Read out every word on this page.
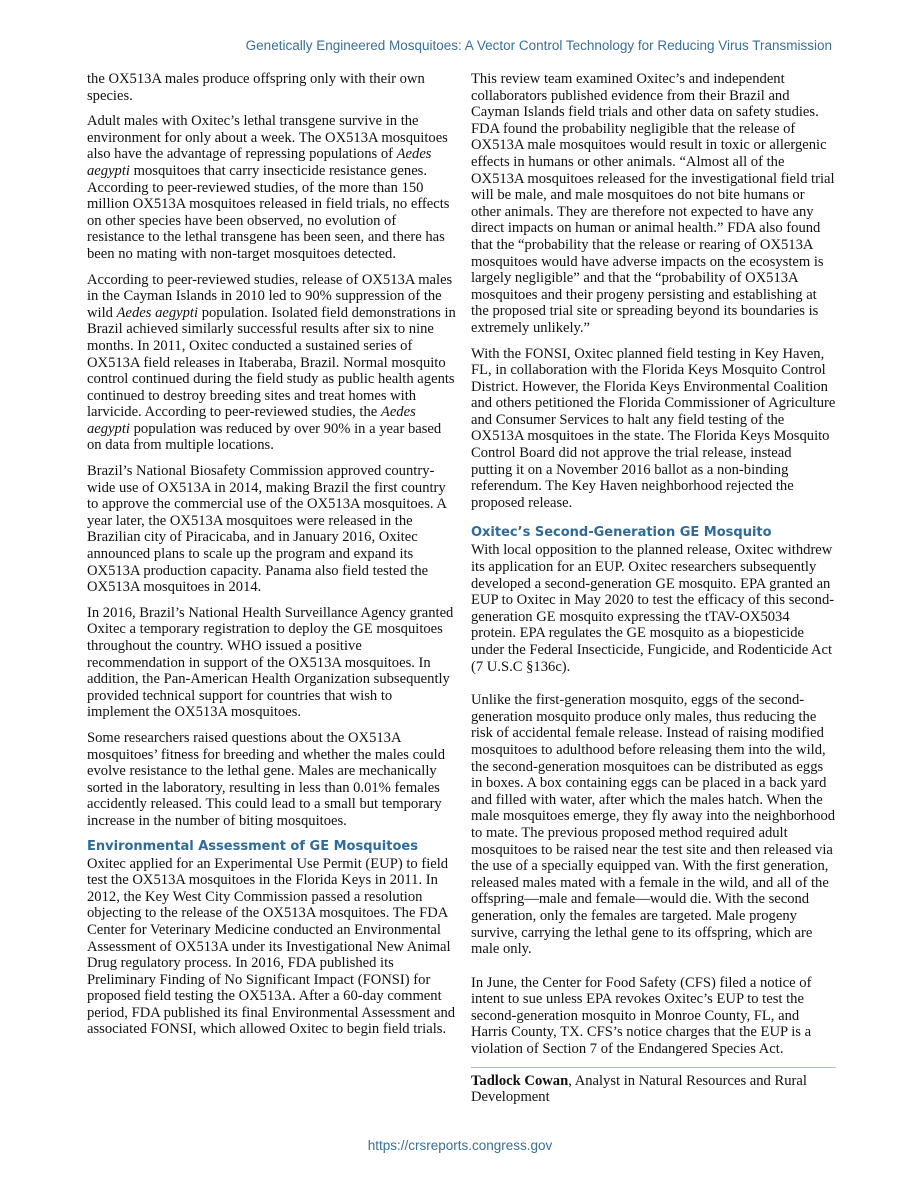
Genetically Engineered Mosquitoes: A Vector Control Technology for Reducing Virus Transmission

the OX513A males produce offspring only with their own species.

Adult males with Oxitec’s lethal transgene survive in the environment for only about a week. The OX513A mosquitoes also have the advantage of repressing populations of Aedes aegypti mosquitoes that carry insecticide resistance genes. According to peer-reviewed studies, of the more than 150 million OX513A mosquitoes released in field trials, no effects on other species have been observed, no evolution of resistance to the lethal transgene has been seen, and there has been no mating with non-target mosquitoes detected.

According to peer-reviewed studies, release of OX513A males in the Cayman Islands in 2010 led to 90% suppression of the wild Aedes aegypti population. Isolated field demonstrations in Brazil achieved similarly successful results after six to nine months. In 2011, Oxitec conducted a sustained series of OX513A field releases in Itaberaba, Brazil. Normal mosquito control continued during the field study as public health agents continued to destroy breeding sites and treat homes with larvicide. According to peer-reviewed studies, the Aedes aegypti population was reduced by over 90% in a year based on data from multiple locations.

Brazil’s National Biosafety Commission approved country-wide use of OX513A in 2014, making Brazil the first country to approve the commercial use of the OX513A mosquitoes. A year later, the OX513A mosquitoes were released in the Brazilian city of Piracicaba, and in January 2016, Oxitec announced plans to scale up the program and expand its OX513A production capacity. Panama also field tested the OX513A mosquitoes in 2014.

In 2016, Brazil’s National Health Surveillance Agency granted Oxitec a temporary registration to deploy the GE mosquitoes throughout the country. WHO issued a positive recommendation in support of the OX513A mosquitoes. In addition, the Pan-American Health Organization subsequently provided technical support for countries that wish to implement the OX513A mosquitoes.

Some researchers raised questions about the OX513A mosquitoes’ fitness for breeding and whether the males could evolve resistance to the lethal gene. Males are mechanically sorted in the laboratory, resulting in less than 0.01% females accidently released. This could lead to a small but temporary increase in the number of biting mosquitoes.

Environmental Assessment of GE Mosquitoes

Oxitec applied for an Experimental Use Permit (EUP) to field test the OX513A mosquitoes in the Florida Keys in 2011. In 2012, the Key West City Commission passed a resolution objecting to the release of the OX513A mosquitoes. The FDA Center for Veterinary Medicine conducted an Environmental Assessment of OX513A under its Investigational New Animal Drug regulatory process. In 2016, FDA published its Preliminary Finding of No Significant Impact (FONSI) for proposed field testing the OX513A. After a 60-day comment period, FDA published its final Environmental Assessment and associated FONSI, which allowed Oxitec to begin field trials.

This review team examined Oxitec’s and independent collaborators published evidence from their Brazil and Cayman Islands field trials and other data on safety studies. FDA found the probability negligible that the release of OX513A male mosquitoes would result in toxic or allergenic effects in humans or other animals. “Almost all of the OX513A mosquitoes released for the investigational field trial will be male, and male mosquitoes do not bite humans or other animals. They are therefore not expected to have any direct impacts on human or animal health.” FDA also found that the “probability that the release or rearing of OX513A mosquitoes would have adverse impacts on the ecosystem is largely negligible” and that the “probability of OX513A mosquitoes and their progeny persisting and establishing at the proposed trial site or spreading beyond its boundaries is extremely unlikely.”

With the FONSI, Oxitec planned field testing in Key Haven, FL, in collaboration with the Florida Keys Mosquito Control District. However, the Florida Keys Environmental Coalition and others petitioned the Florida Commissioner of Agriculture and Consumer Services to halt any field testing of the OX513A mosquitoes in the state. The Florida Keys Mosquito Control Board did not approve the trial release, instead putting it on a November 2016 ballot as a non-binding referendum. The Key Haven neighborhood rejected the proposed release.

Oxitec’s Second-Generation GE Mosquito

With local opposition to the planned release, Oxitec withdrew its application for an EUP. Oxitec researchers subsequently developed a second-generation GE mosquito. EPA granted an EUP to Oxitec in May 2020 to test the efficacy of this second-generation GE mosquito expressing the tTAV-OX5034 protein. EPA regulates the GE mosquito as a biopesticide under the Federal Insecticide, Fungicide, and Rodenticide Act (7 U.S.C §136c).

Unlike the first-generation mosquito, eggs of the second-generation mosquito produce only males, thus reducing the risk of accidental female release. Instead of raising modified mosquitoes to adulthood before releasing them into the wild, the second-generation mosquitoes can be distributed as eggs in boxes. A box containing eggs can be placed in a back yard and filled with water, after which the males hatch. When the male mosquitoes emerge, they fly away into the neighborhood to mate. The previous proposed method required adult mosquitoes to be raised near the test site and then released via the use of a specially equipped van. With the first generation, released males mated with a female in the wild, and all of the offspring—male and female—would die. With the second generation, only the females are targeted. Male progeny survive, carrying the lethal gene to its offspring, which are male only.

In June, the Center for Food Safety (CFS) filed a notice of intent to sue unless EPA revokes Oxitec’s EUP to test the second-generation mosquito in Monroe County, FL, and Harris County, TX. CFS’s notice charges that the EUP is a violation of Section 7 of the Endangered Species Act.

Tadlock Cowan, Analyst in Natural Resources and Rural Development

https://crsreports.congress.gov
